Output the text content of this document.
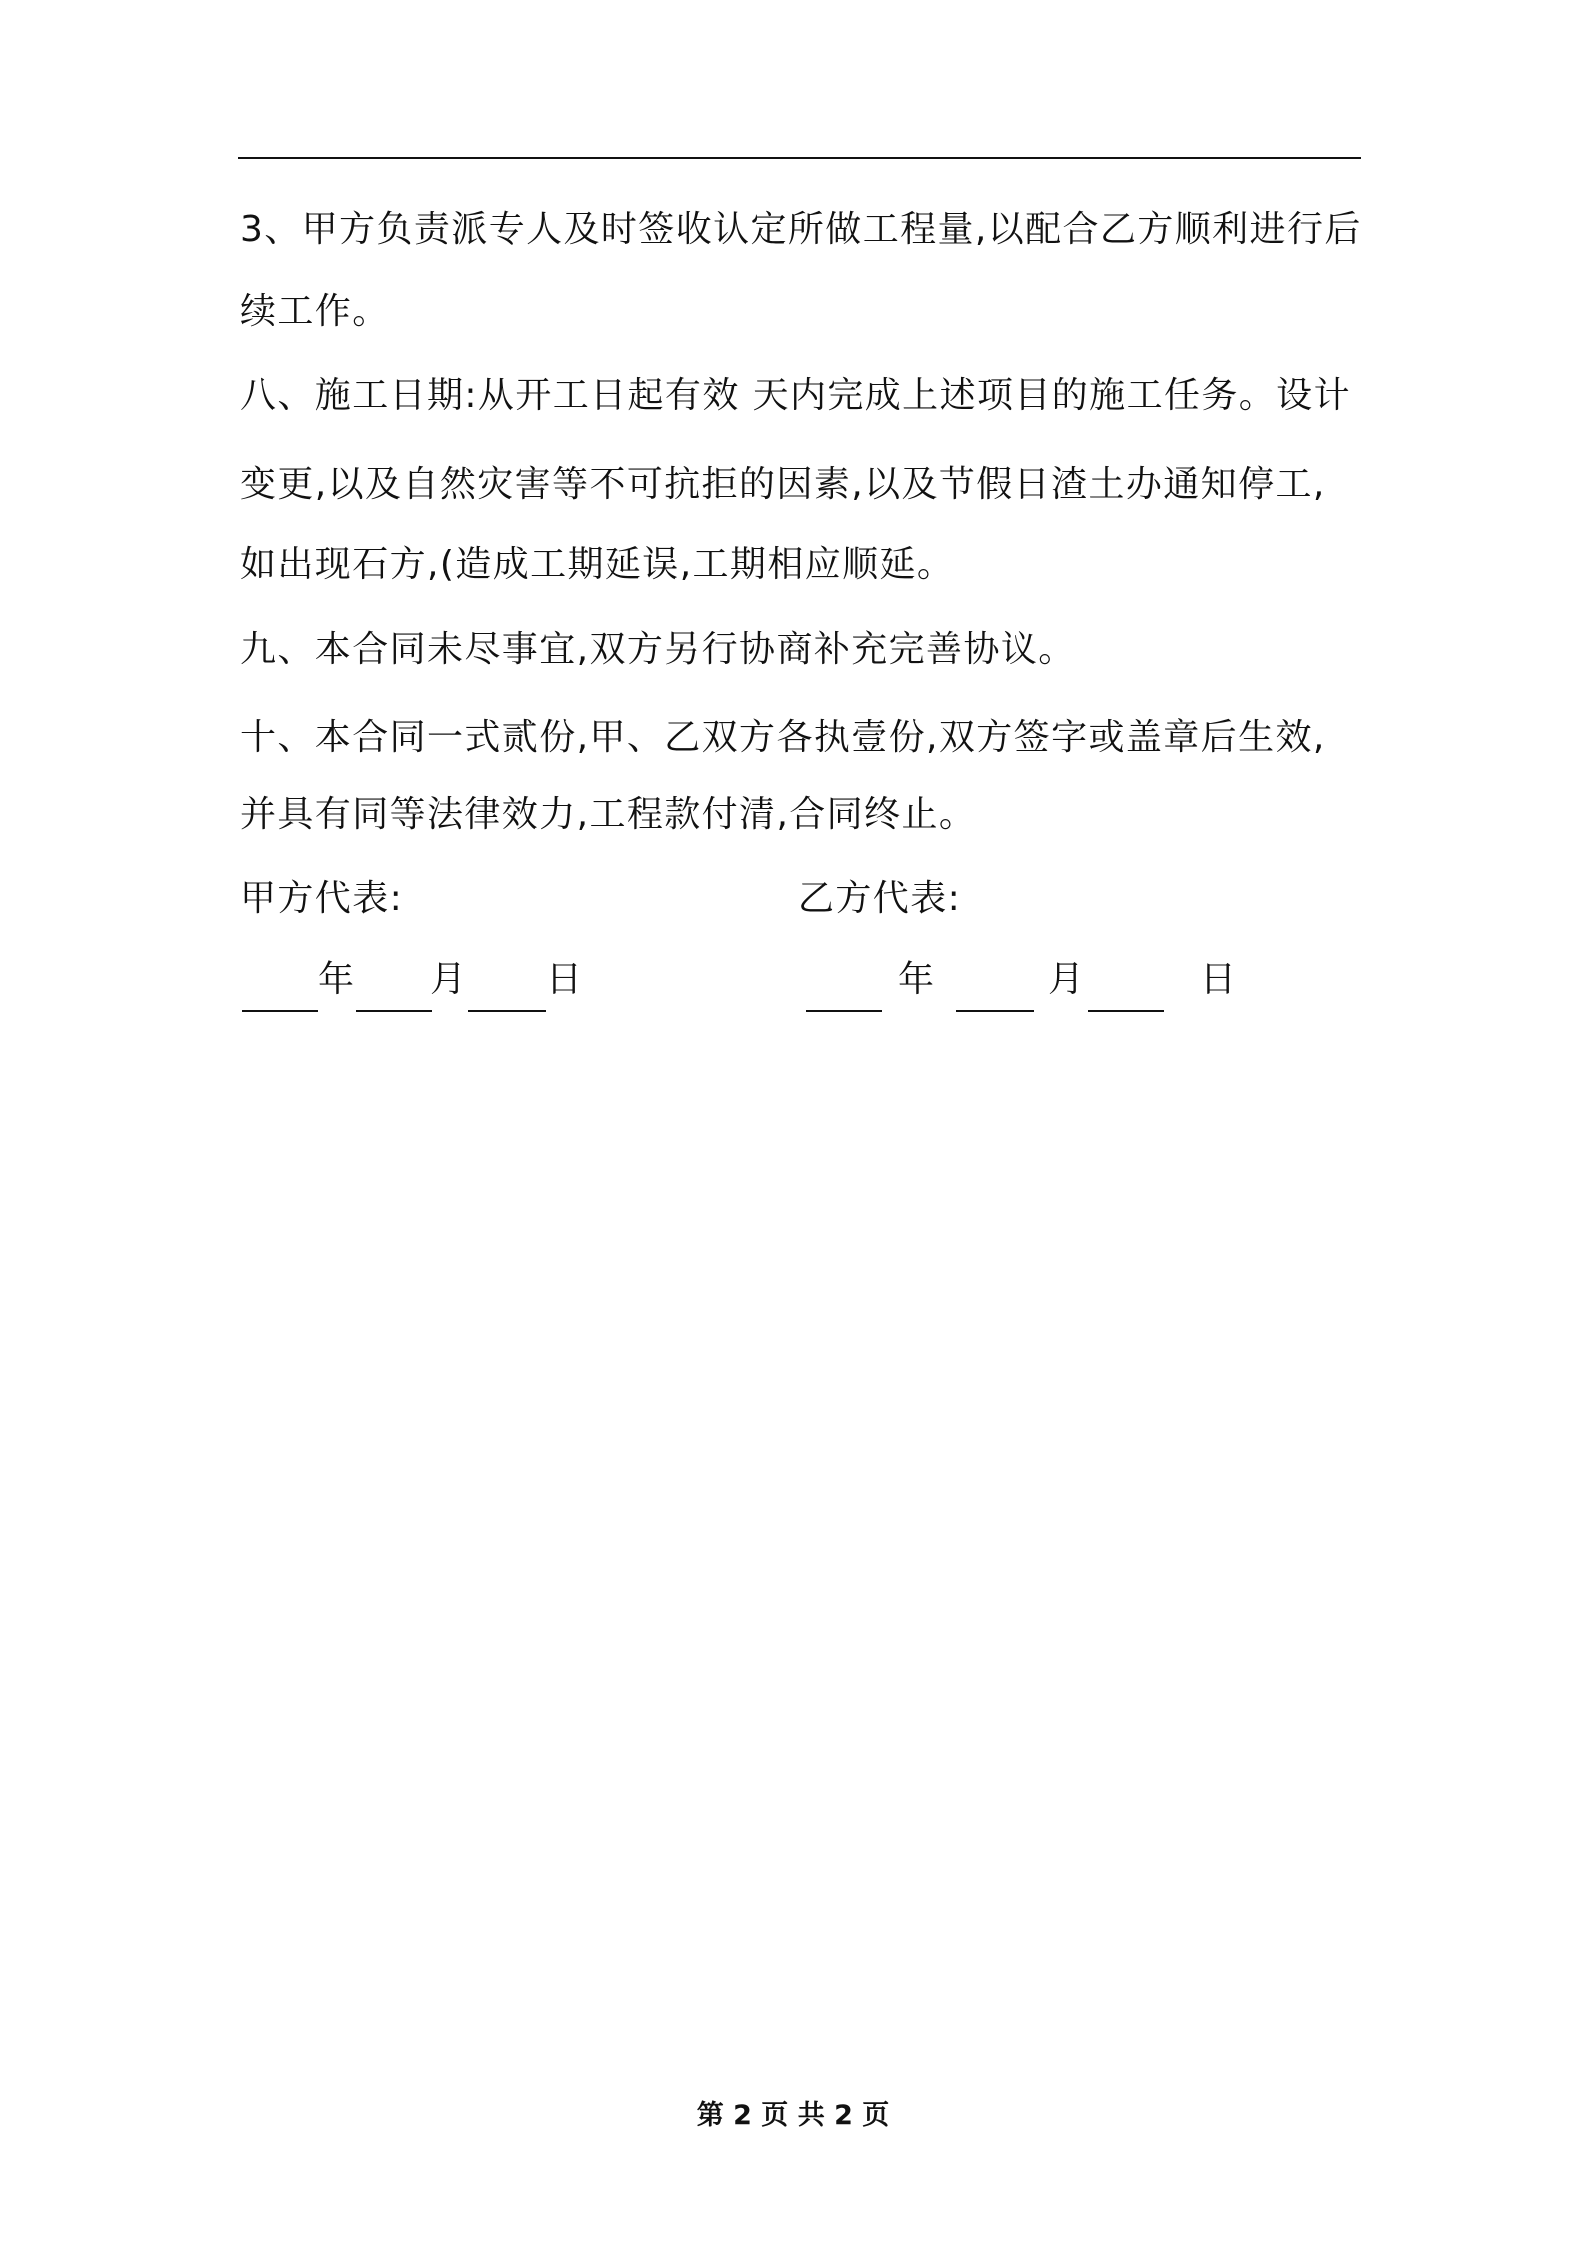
3、甲方负责派专人及时签收认定所做工程量,以配合乙方顺利进行后

续工作。

八、施工日期:从开工日起有效 天内完成上述项目的施工任务。设计

变更,以及自然灾害等不可抗拒的因素,以及节假日渣土办通知停工,

如出现石方,(造成工期延误,工期相应顺延。

九、本合同未尽事宜,双方另行协商补充完善协议。

十、本合同一式贰份,甲、乙双方各执壹份,双方签字或盖章后生效,

并具有同等法律效力,工程款付清,合同终止。

甲方代表:	乙方代表:
年 月 日	年	月	日
第 2 页 共 2 页
